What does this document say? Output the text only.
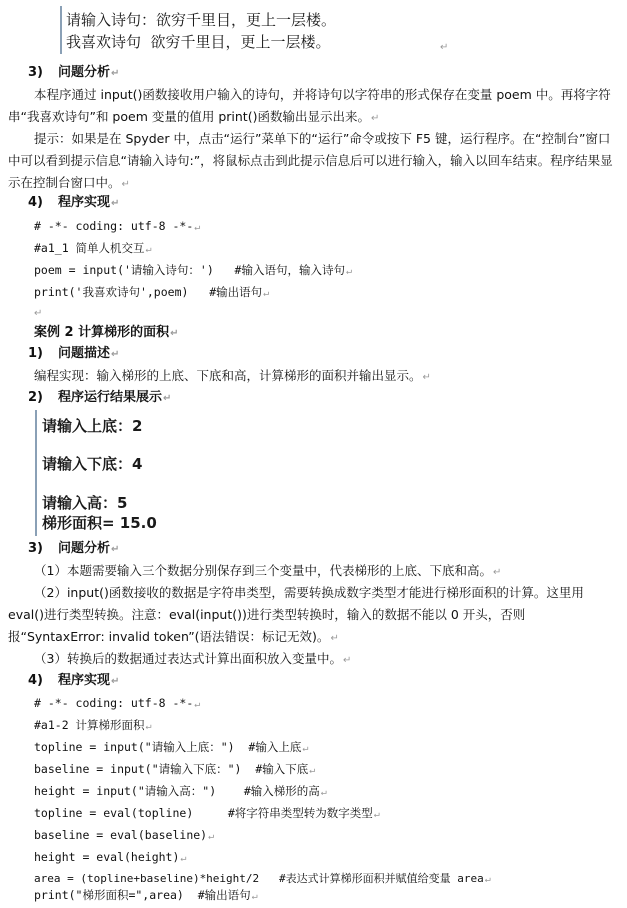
请输入诗句：欲穷千里目，更上一层楼。
我喜欢诗句  欲穷千里目，更上一层楼。	↵
3) 问题分析↵
本程序通过 input()函数接收用户输入的诗句，并将诗句以字符串的形式保存在变量 poem 中。再将字符串“我喜欢诗句”和 poem 变量的值用 print()函数输出显示出来。↵
提示：如果是在 Spyder 中，点击“运行”菜单下的“运行”命令或按下 F5 键，运行程序。在“控制台”窗口中可以看到提示信息“请输入诗句:”，将鼠标点击到此提示信息后可以进行输入，输入以回车结束。程序结果显示在控制台窗口中。↵
4) 程序实现↵
# -*- coding: utf-8 -*-↵
#a1_1 简单人机交互↵
poem = input('请输入诗句：')   #输入语句，输入诗句↵
print('我喜欢诗句',poem)   #输出语句↵
↵
案例 2 计算梯形的面积↵
1) 问题描述↵
编程实现：输入梯形的上底、下底和高，计算梯形的面积并输出显示。↵
2) 程序运行结果展示↵
请输入上底：2
请输入下底：4
请输入高：5
梯形面积= 15.0
3) 问题分析↵
（1）本题需要输入三个数据分别保存到三个变量中，代表梯形的上底、下底和高。↵
（2）input()函数接收的数据是字符串类型，需要转换成数字类型才能进行梯形面积的计算。这里用 eval()进行类型转换。注意：eval(input())进行类型转换时，输入的数据不能以 0 开头，否则报“SyntaxError: invalid token”(语法错误：标记无效)。↵
（3）转换后的数据通过表达式计算出面积放入变量中。↵
4) 程序实现↵
# -*- coding: utf-8 -*-↵
#a1-2 计算梯形面积↵
topline = input("请输入上底：")  #输入上底↵
baseline = input("请输入下底：")  #输入下底↵
height = input("请输入高：")    #输入梯形的高↵
topline = eval(topline)     #将字符串类型转为数字类型↵
baseline = eval(baseline)↵
height = eval(height)↵
area = (topline+baseline)*height/2   #表达式计算梯形面积并赋值给变量 area↵
print("梯形面积=",area)  #输出语句↵
